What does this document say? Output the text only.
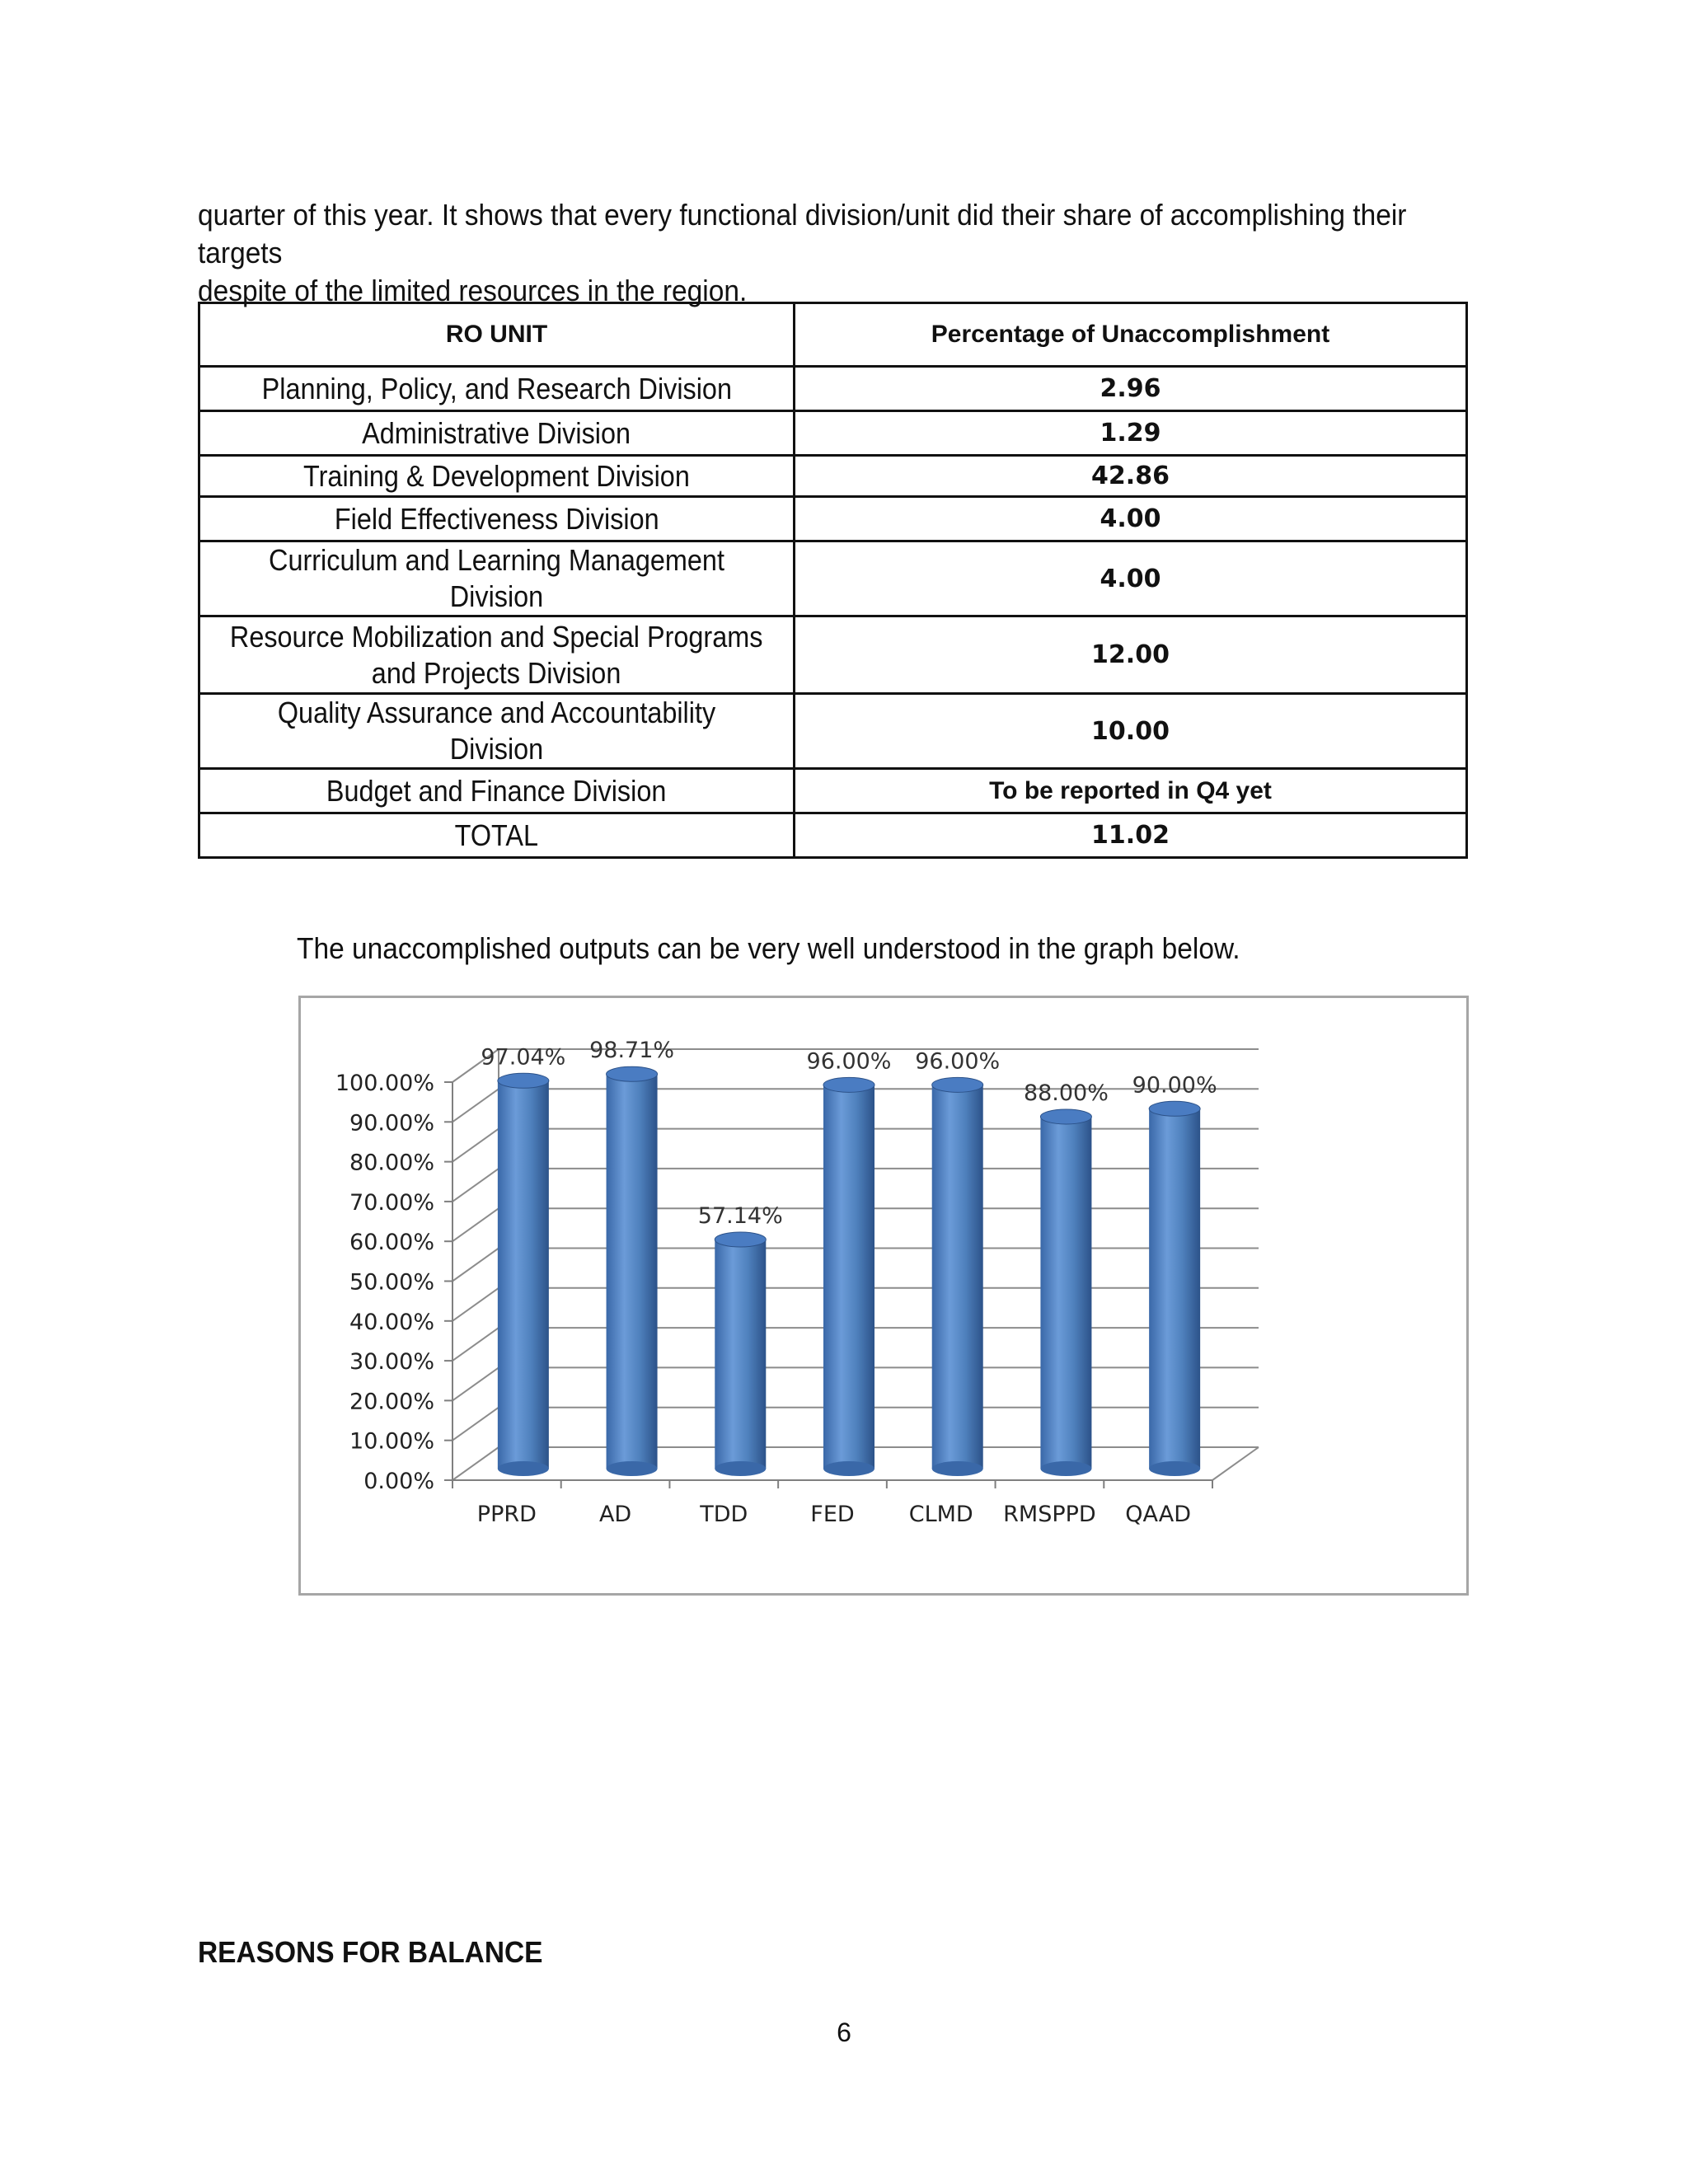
quarter of this year. It shows that every functional division/unit did their share of accomplishing their targets
despite of the limited resources in the region.
RO UNIT	Percentage of Unaccomplishment
Planning, Policy, and Research Division	2.96
Administrative Division	1.29
Training & Development Division	42.86
Field Effectiveness Division	4.00
Curriculum and Learning Management Division	4.00
Resource Mobilization and Special Programs
and Projects Division	12.00
Quality Assurance and Accountability Division	10.00
Budget and Finance Division	To be reported in Q4 yet
TOTAL	11.02
The unaccomplished outputs can be very well understood in the graph below.
0.00%
10.00%
20.00%
30.00%
40.00%
50.00%
60.00%
70.00%
80.00%
90.00%
100.00%
97.04%
PPRD
98.71%
AD
57.14%
TDD
96.00%
FED
96.00%
CLMD
88.00%
RMSPPD
90.00%
QAAD
REASONS FOR BALANCE
6
